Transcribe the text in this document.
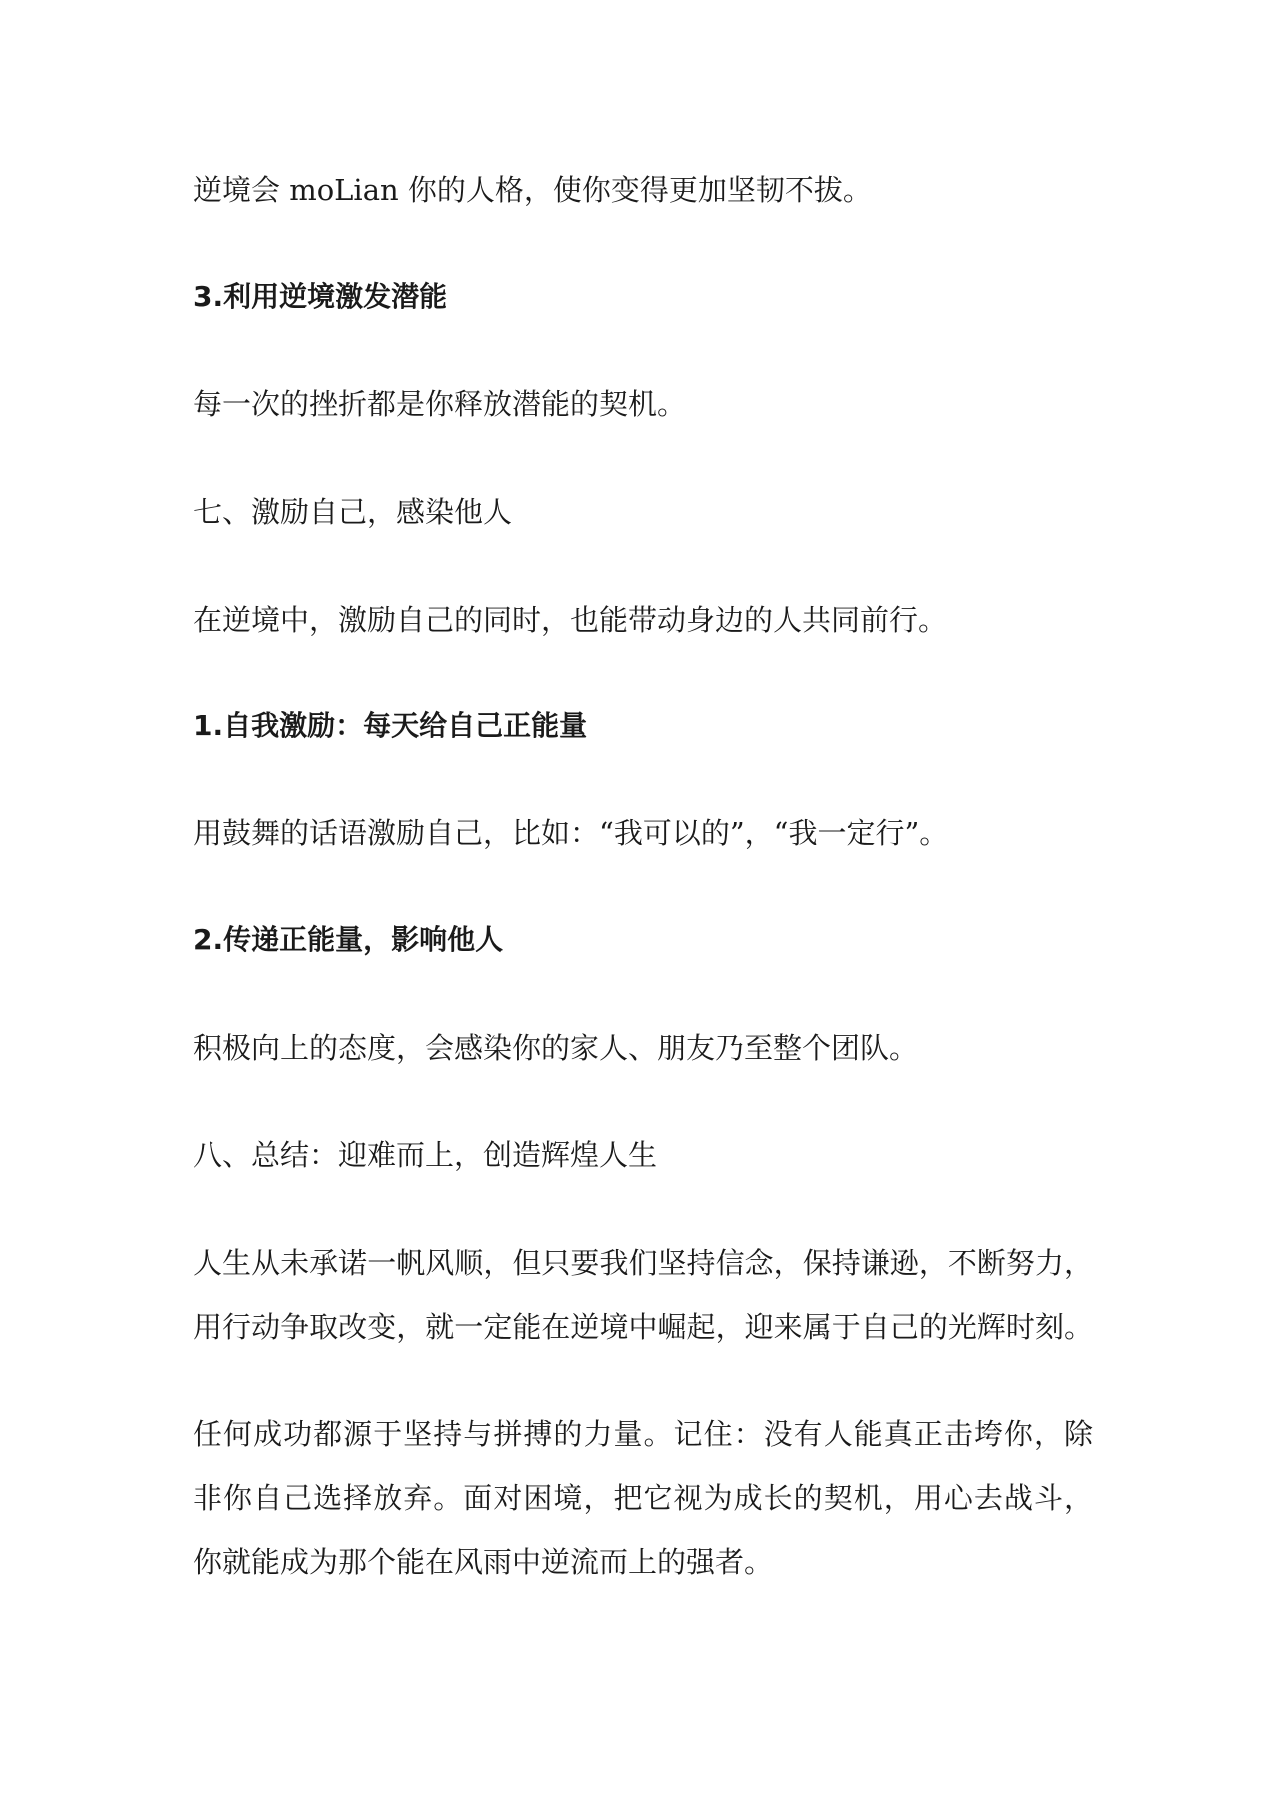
逆境会 moLian 你的人格，使你变得更加坚韧不拔。

3.利用逆境激发潜能

每一次的挫折都是你释放潜能的契机。

七、激励自己，感染他人

在逆境中，激励自己的同时，也能带动身边的人共同前行。

1.自我激励：每天给自己正能量

用鼓舞的话语激励自己，比如：“我可以的”，“我一定行”。

2.传递正能量，影响他人

积极向上的态度，会感染你的家人、朋友乃至整个团队。

八、总结：迎难而上，创造辉煌人生

人生从未承诺一帆风顺，但只要我们坚持信念，保持谦逊，不断努力，

用行动争取改变，就一定能在逆境中崛起，迎来属于自己的光辉时刻。

任何成功都源于坚持与拼搏的力量。记住：没有人能真正击垮你，除

非你自己选择放弃。面对困境，把它视为成长的契机，用心去战斗，

你就能成为那个能在风雨中逆流而上的强者。
